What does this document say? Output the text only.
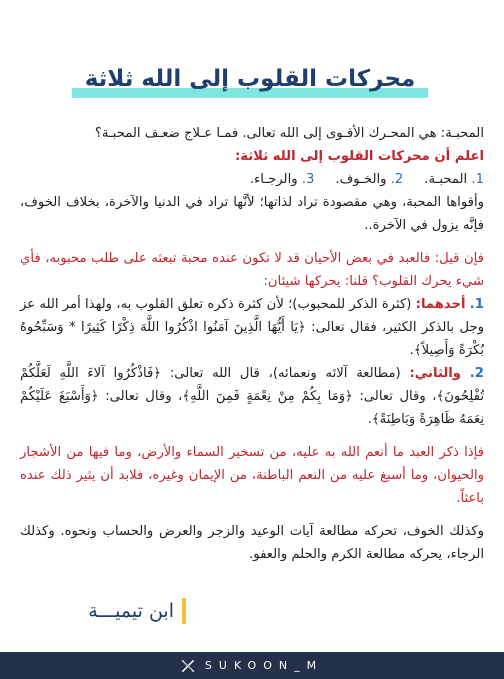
محركات القلوب إلى الله ثلاثة

المحبـة: هي المحـرك الأقـوى إلى الله تعالى. فمـا عـلاج ضعـف المحبـة؟

اعلم أن محركات القلوب إلى الله ثلاثة:

1. المحبـة.     2. والخـوف.     3. والرجـاء.

وأقواها المحبة، وهي مقصودة تراد لذاتها؛ لأنَّها تراد في الدنيا والآخرة، بخلاف الخوف، فإنَّه يزول في الآخرة..

فإن قيل: فالعبد في بعض الأحيان قد لا تكون عنده محبة تبعثه على طلب محبوبه، فأي شيء يحرك القلوب؟ قلنا: يحركها شيئان:

1. أحدهما: (كثرة الذكر للمحبوب)؛ لأن كثرة ذكره تعلق القلوب به، ولهذا أمر الله عز وجل بالذكر الكثير، فقال تعالى: ﴿يَا أَيُّهَا الَّذِينَ آمَنُوا اذْكُرُوا اللَّهَ ذِكْرًا كَثِيرًا * وَسَبِّحُوهُ بُكْرَةً وَأَصِيلاً﴾.

2. والثاني: (مطالعة آلائه ونعمائه)، قال الله تعالى: ﴿فَاذْكُرُوا آلاءَ اللَّهِ لَعَلَّكُمْ تُفْلِحُونَ﴾، وقال تعالى: ﴿وَمَا بِكُمْ مِنْ نِعْمَةٍ فَمِنَ اللَّهِ﴾، وقال تعالى: ﴿وَأَسْبَغَ عَلَيْكُمْ نِعَمَهُ ظَاهِرَةً وَبَاطِنَةً﴾.

فإذا ذكر العبد ما أنعم الله به عليه، من تسخير السماء والأرض، وما فيها من الأشجار والحيوان، وما أسبغ عليه من النعم الباطنة، من الإيمان وغيره، فلابد أن يثير ذلك عنده باعثاً.

وكذلك الخوف، تحركه مطالعة آيات الوعيد والزجر والعرض والحساب ونحوه. وكذلك الرجاء، يحركه مطالعة الكرم والحلم والعفو.

ابن تيميـــة
SUKOON_M
